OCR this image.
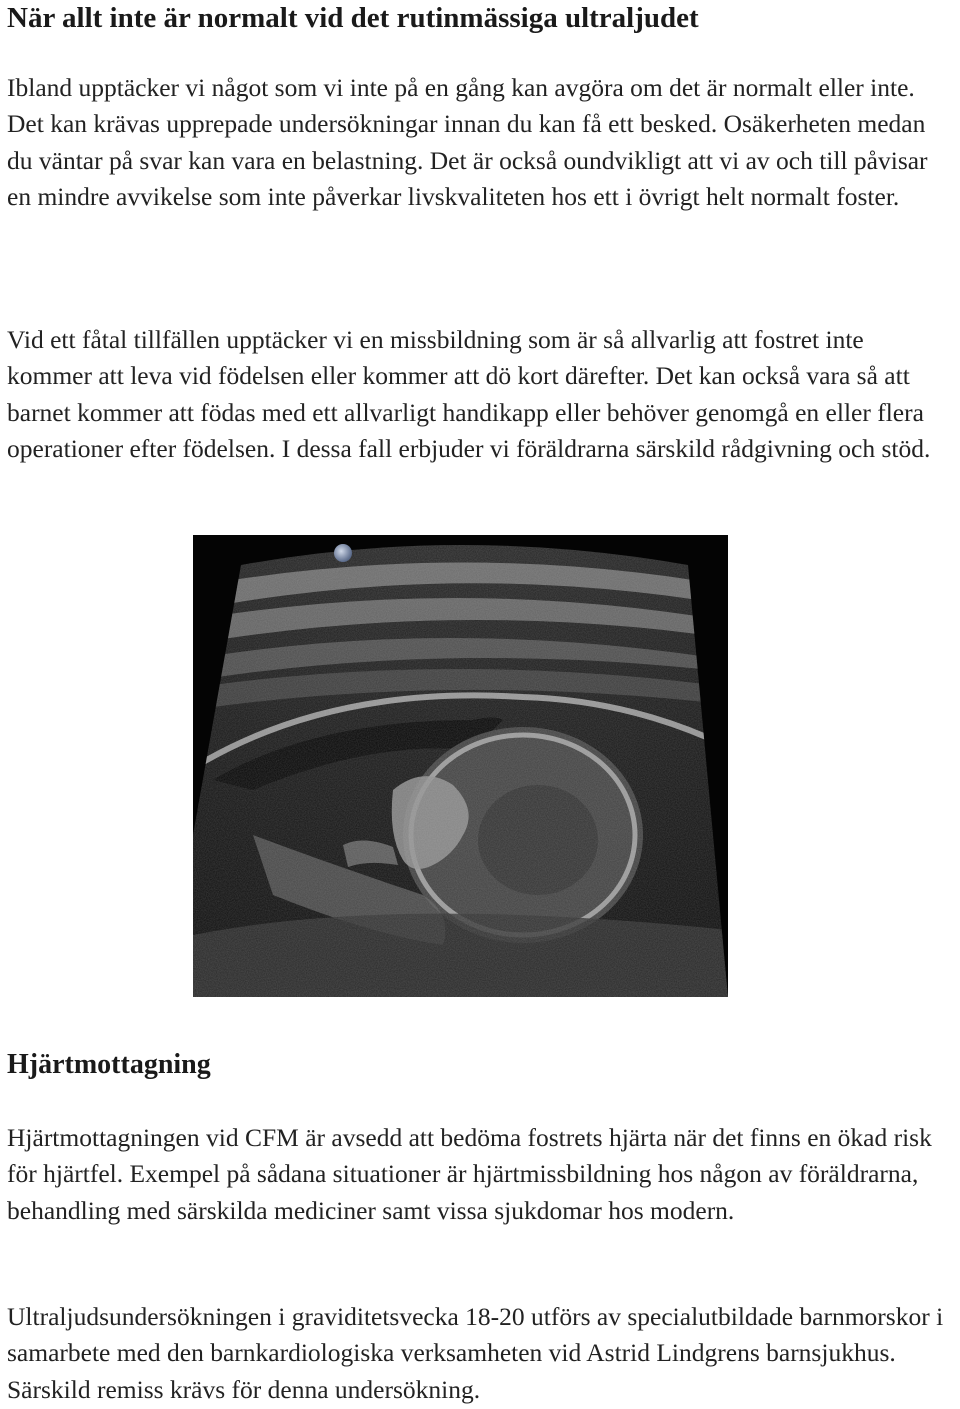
När allt inte är normalt vid det rutinmässiga ultraljudet

Ibland upptäcker vi något som vi inte på en gång kan avgöra om det är normalt eller inte. Det kan krävas upprepade undersökningar innan du kan få ett besked. Osäkerheten medan du väntar på svar kan vara en belastning. Det är också oundvikligt att vi av och till påvisar en mindre avvikelse som inte påverkar livskvaliteten hos ett i övrigt helt normalt foster.

Vid ett fåtal tillfällen upptäcker vi en missbildning som är så allvarlig att fostret inte kommer att leva vid födelsen eller kommer att dö kort därefter. Det kan också vara så att barnet kommer att födas med ett allvarligt handikapp eller behöver genomgå en eller flera operationer efter födelsen. I dessa fall erbjuder vi föräldrarna särskild rådgivning och stöd.

Hjärtmottagning

Hjärtmottagningen vid CFM är avsedd att bedöma fostrets hjärta när det finns en ökad risk för hjärtfel. Exempel på sådana situationer är hjärtmissbildning hos någon av föräldrarna, behandling med särskilda mediciner samt vissa sjukdomar hos modern.

Ultraljudsundersökningen i graviditetsvecka 18-20 utförs av specialutbildade barnmorskor i samarbete med den barnkardiologiska verksamheten vid Astrid Lindgrens barnsjukhus. Särskild remiss krävs för denna undersökning.
